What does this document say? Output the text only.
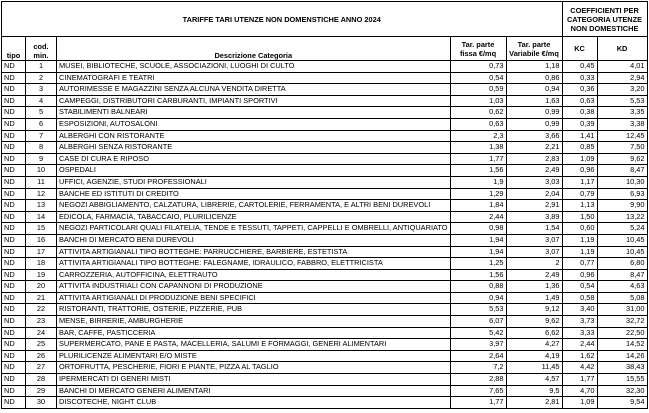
TARIFFE TARI UTENZE NON DOMENSTICHE ANNO 2024					COEFFICIENTI PER CATEGORIA UTENZE NON DOMESTICHE	
tipo	cod. min.	Descrizione Categoria	Tar. parte fissa €/mq	Tar. parte Variabile €/mq	KC	KD
ND	1	MUSEI, BIBLIOTECHE, SCUOLE, ASSOCIAZIONI, LUOGHI DI CULTO	0,73	1,18	0,45	4,01
ND	2	CINEMATOGRAFI E TEATRI	0,54	0,86	0,33	2,94
ND	3	AUTORIMESSE E MAGAZZINI SENZA ALCUNA VENDITA DIRETTA	0,59	0,94	0,36	3,20
ND	4	CAMPEGGI, DISTRIBUTORI CARBURANTI, IMPIANTI SPORTIVI	1,03	1,63	0,63	5,53
ND	5	STABILIMENTI BALNEARI	0,62	0,99	0,38	3,35
ND	6	ESPOSIZIONI, AUTOSALONI	0,63	0,99	0,39	3,38
ND	7	ALBERGHI CON RISTORANTE	2,3	3,66	1,41	12,45
ND	8	ALBERGHI SENZA RISTORANTE	1,38	2,21	0,85	7,50
ND	9	CASE DI CURA E RIPOSO	1,77	2,83	1,09	9,62
ND	10	OSPEDALI	1,56	2,49	0,96	8,47
ND	11	UFFICI, AGENZIE, STUDI PROFESSIONALI	1,9	3,03	1,17	10,30
ND	12	BANCHE ED ISTITUTI DI CREDITO	1,29	2,04	0,79	6,93
ND	13	NEGOZI ABBIGLIAMENTO, CALZATURA, LIBRERIE, CARTOLERIE, FERRAMENTA, E ALTRI BENI DUREVOLI	1,84	2,91	1,13	9,90
ND	14	EDICOLA, FARMACIA, TABACCAIO, PLURILICENZE	2,44	3,89	1,50	13,22
ND	15	NEGOZI PARTICOLARI QUALI FILATELIA, TENDE E TESSUTI, TAPPETI, CAPPELLI E OMBRELLI, ANTIQUARIATO	0,98	1,54	0,60	5,24
ND	16	BANCHI DI MERCATO BENI DUREVOLI	1,94	3,07	1,19	10,45
ND	17	ATTIVITA ARTIGIANALI TIPO BOTTEGHE: PARRUCCHIERE, BARBIERE, ESTETISTA	1,94	3,07	1,19	10,45
ND	18	ATTIVITA ARTIGIANALI TIPO BOTTEGHE: FALEGNAME, IDRAULICO, FABBRO, ELETTRICISTA	1,25	2	0,77	6,80
ND	19	CARROZZERIA, AUTOFFICINA, ELETTRAUTO	1,56	2,49	0,96	8,47
ND	20	ATTIVITA INDUSTRIALI CON CAPANNONI DI PRODUZIONE	0,88	1,36	0,54	4,63
ND	21	ATTIVITA ARTIGIANALI DI PRODUZIONE BENI SPECIFICI	0,94	1,49	0,58	5,08
ND	22	RISTORANTI, TRATTORIE, OSTERIE, PIZZERIE, PUB	5,53	9,12	3,40	31,00
ND	23	MENSE, BIRRERIE, AMBURGHERIE	6,07	9,62	3,73	32,72
ND	24	BAR, CAFFE, PASTICCERIA	5,42	6,62	3,33	22,50
ND	25	SUPERMERCATO, PANE E PASTA, MACELLERIA, SALUMI E FORMAGGI, GENERI ALIMENTARI	3,97	4,27	2,44	14,52
ND	26	PLURILICENZE ALIMENTARI E/O MISTE	2,64	4,19	1,62	14,26
ND	27	ORTOFRUTTA, PESCHERIE, FIORI E PIANTE, PIZZA AL TAGLIO	7,2	11,45	4,42	38,43
ND	28	IPERMERCATI DI GENERI MISTI	2,88	4,57	1,77	15,55
ND	29	BANCHI DI MERCATO GENERI ALIMENTARI	7,65	9,5	4,70	32,30
ND	30	DISCOTECHE, NIGHT CLUB	1,77	2,81	1,09	9,54
